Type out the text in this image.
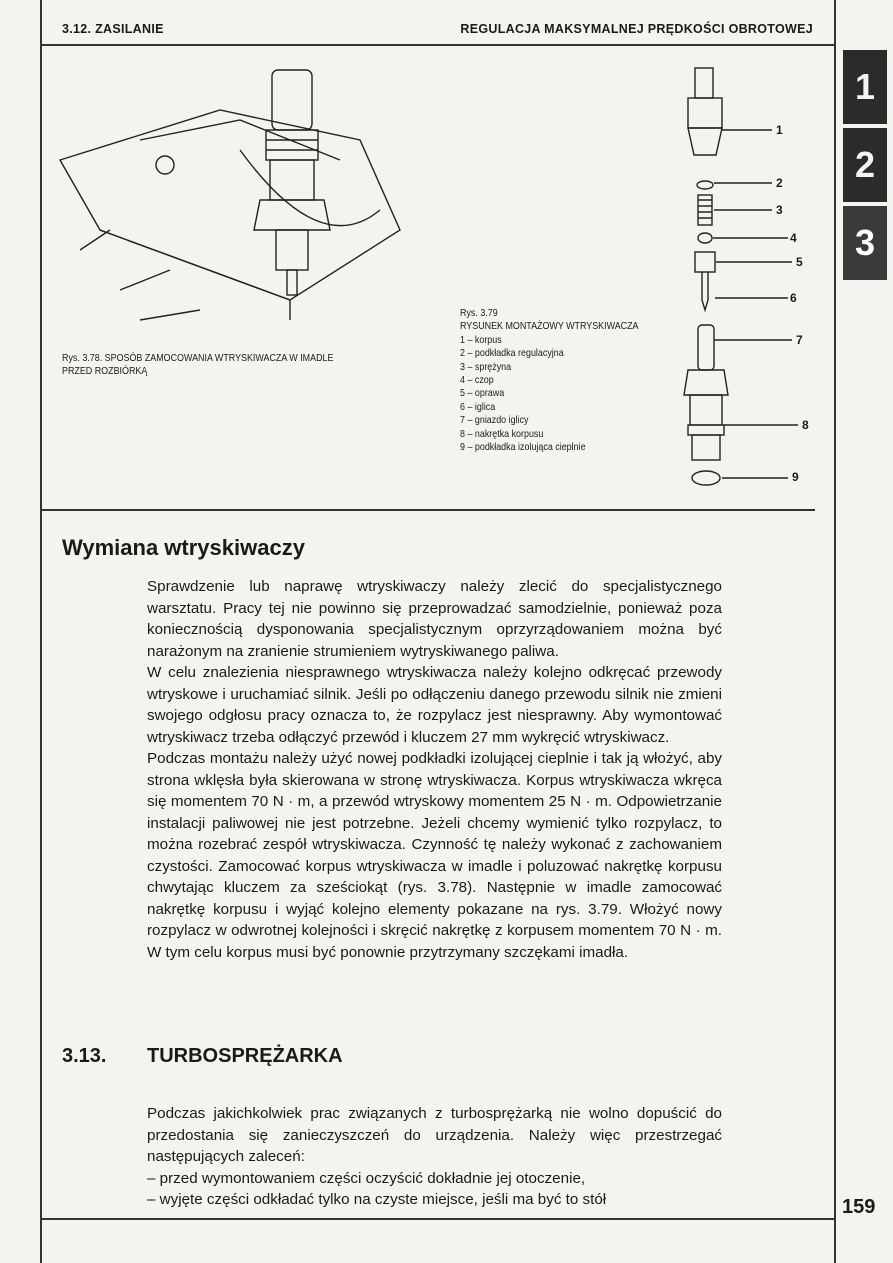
3.12. ZASILANIE	REGULACJA MAKSYMALNEJ PRĘDKOŚCI OBROTOWEJ
1
2
3
Rys. 3.78. SPOSÓB ZAMOCOWANIA WTRYSKIWACZA W IMADLE
PRZED ROZBIÓRKĄ
1
2
3
4
5
6
7
8
9
Rys. 3.79
RYSUNEK MONTAŻOWY WTRYSKIWACZA
1 – korpus
2 – podkładka regulacyjna
3 – sprężyna
4 – czop
5 – oprawa
6 – iglica
7 – gniazdo iglicy
8 – nakrętka korpusu
9 – podkładka izolująca cieplnie
Wymiana wtryskiwaczy

Sprawdzenie lub naprawę wtryskiwaczy należy zlecić do specjalistycznego warsztatu. Pracy tej nie powinno się przeprowadzać samodzielnie, ponieważ poza koniecznością dysponowania specjalistycznym oprzyrządowaniem można być narażonym na zranienie strumieniem wytryskiwanego paliwa.

W celu znalezienia niesprawnego wtryskiwacza należy kolejno odkręcać przewody wtryskowe i uruchamiać silnik. Jeśli po odłączeniu danego przewodu silnik nie zmieni swojego odgłosu pracy oznacza to, że rozpylacz jest niesprawny. Aby wymontować wtryskiwacz trzeba odłączyć przewód i kluczem 27 mm wykręcić wtryskiwacz.

Podczas montażu należy użyć nowej podkładki izolującej cieplnie i tak ją włożyć, aby strona wklęsła była skierowana w stronę wtryskiwacza. Korpus wtryskiwacza wkręca się momentem 70 N · m, a przewód wtryskowy momentem 25 N · m. Odpowietrzanie instalacji paliwowej nie jest potrzebne. Jeżeli chcemy wymienić tylko rozpylacz, to można rozebrać zespół wtryskiwacza. Czynność tę należy wykonać z zachowaniem czystości. Zamocować korpus wtryskiwacza w imadle i poluzować nakrętkę korpusu chwytając kluczem za sześciokąt (rys. 3.78). Następnie w imadle zamocować nakrętkę korpusu i wyjąć kolejno elementy pokazane na rys. 3.79. Włożyć nowy rozpylacz w odwrotnej kolejności i skręcić nakrętkę z korpusem momentem 70 N · m. W tym celu korpus musi być ponownie przytrzymany szczękami imadła.

3.13. TURBOSPRĘŻARKA

Podczas jakichkolwiek prac związanych z turbosprężarką nie wolno dopuścić do przedostania się zanieczyszczeń do urządzenia. Należy więc przestrzegać następujących zaleceń:

– przed wymontowaniem części oczyścić dokładnie jej otoczenie,

– wyjęte części odkładać tylko na czyste miejsce, jeśli ma być to stół	159
